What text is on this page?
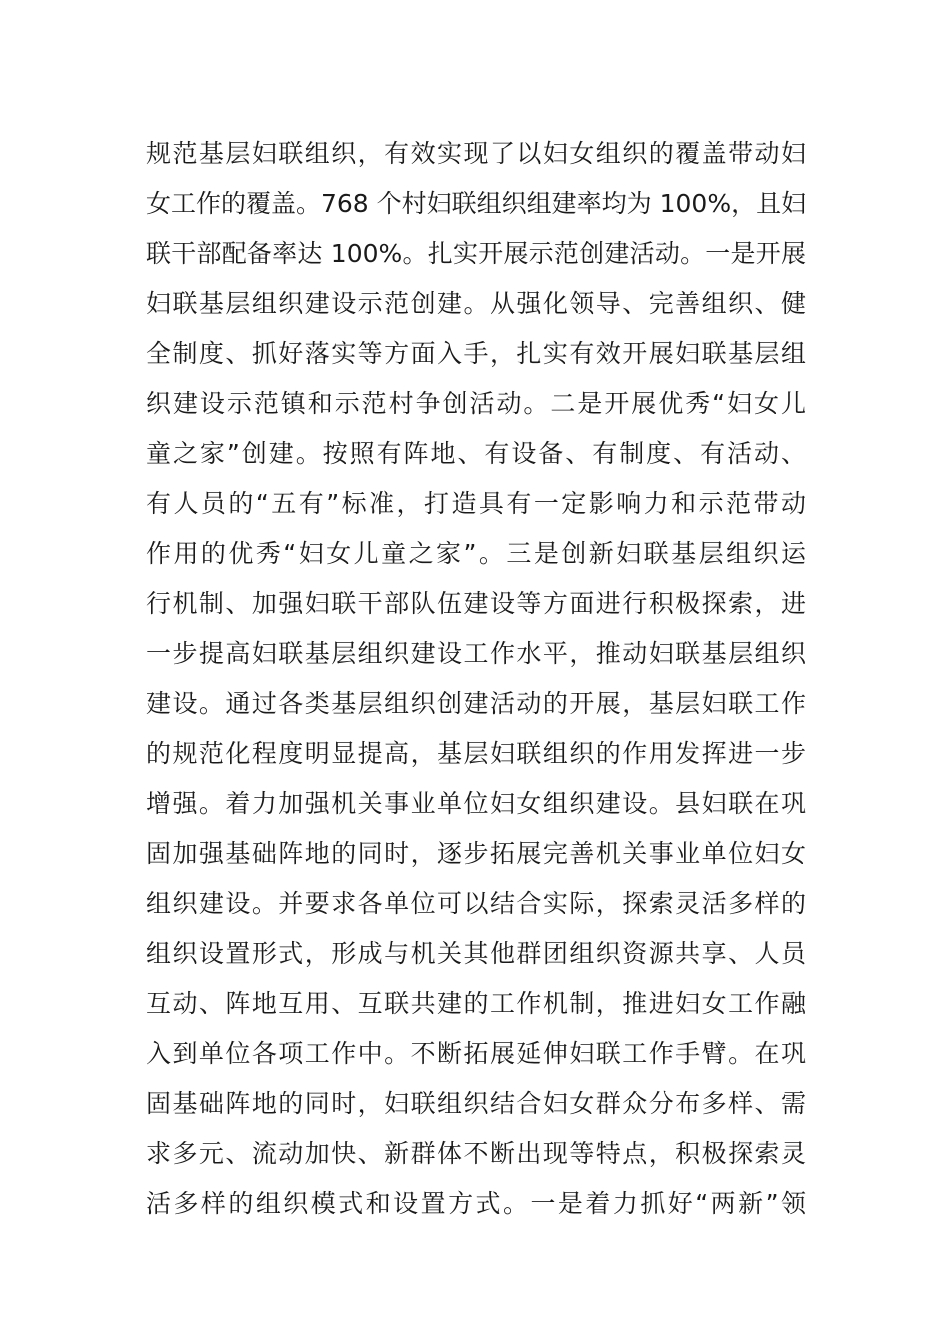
规范基层妇联组织，有效实现了以妇女组织的覆盖带动妇
女工作的覆盖。768 个村妇联组织组建率均为 100%，且妇
联干部配备率达 100%。扎实开展示范创建活动。一是开展
妇联基层组织建设示范创建。从强化领导、完善组织、健
全制度、抓好落实等方面入手，扎实有效开展妇联基层组
织建设示范镇和示范村争创活动。二是开展优秀“妇女儿
童之家”创建。按照有阵地、有设备、有制度、有活动、
有人员的“五有”标准，打造具有一定影响力和示范带动
作用的优秀“妇女儿童之家”。三是创新妇联基层组织运
行机制、加强妇联干部队伍建设等方面进行积极探索，进
一步提高妇联基层组织建设工作水平，推动妇联基层组织
建设。通过各类基层组织创建活动的开展，基层妇联工作
的规范化程度明显提高，基层妇联组织的作用发挥进一步
增强。着力加强机关事业单位妇女组织建设。县妇联在巩
固加强基础阵地的同时，逐步拓展完善机关事业单位妇女
组织建设。并要求各单位可以结合实际，探索灵活多样的
组织设置形式，形成与机关其他群团组织资源共享、人员
互动、阵地互用、互联共建的工作机制，推进妇女工作融
入到单位各项工作中。不断拓展延伸妇联工作手臂。在巩
固基础阵地的同时，妇联组织结合妇女群众分布多样、需
求多元、流动加快、新群体不断出现等特点，积极探索灵
活多样的组织模式和设置方式。一是着力抓好“两新”领
